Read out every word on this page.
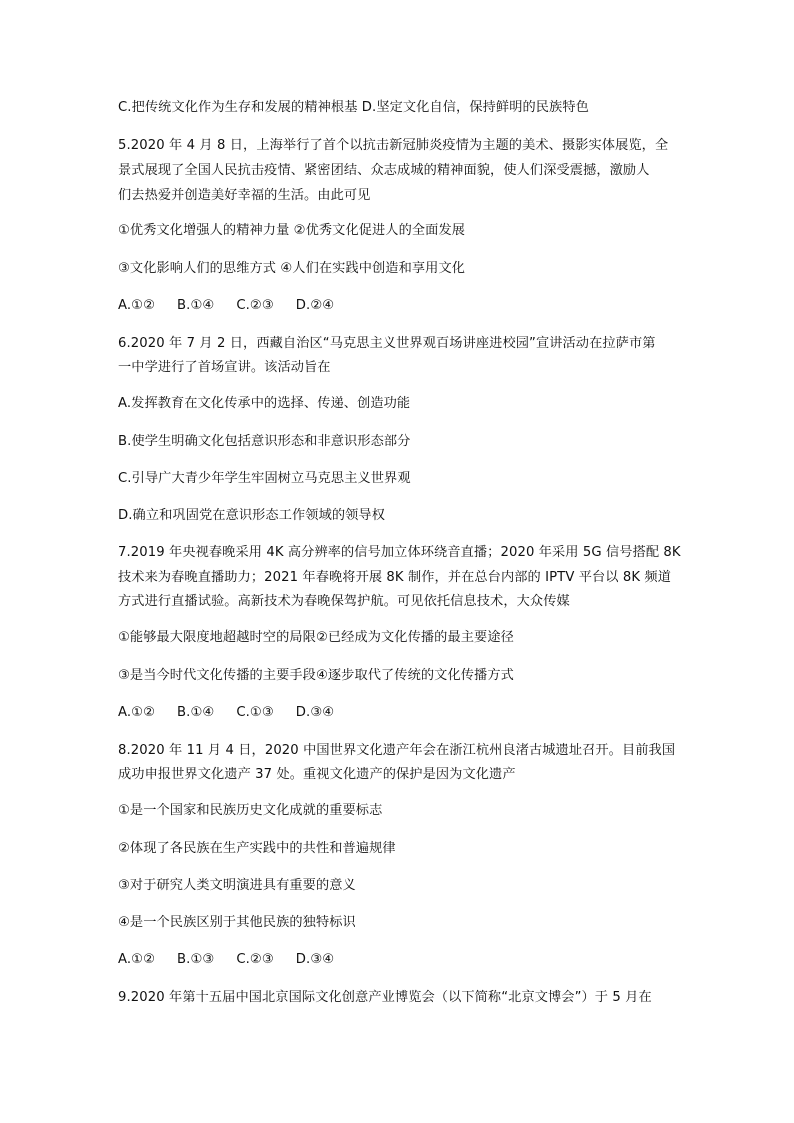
C.把传统文化作为生存和发展的精神根基 D.坚定文化自信，保持鲜明的民族特色
5.2020 年 4 月 8 日，上海举行了首个以抗击新冠肺炎疫情为主题的美术、摄影实体展览，全
景式展现了全国人民抗击疫情、紧密团结、众志成城的精神面貌，使人们深受震撼，激励人
们去热爱并创造美好幸福的生活。由此可见
①优秀文化增强人的精神力量 ②优秀文化促进人的全面发展
③文化影响人们的思维方式 ④人们在实践中创造和享用文化
A.①② B.①④ C.②③ D.②④
6.2020 年 7 月 2 日，西藏自治区“马克思主义世界观百场讲座进校园”宣讲活动在拉萨市第
一中学进行了首场宣讲。该活动旨在
A.发挥教育在文化传承中的选择、传递、创造功能
B.使学生明确文化包括意识形态和非意识形态部分
C.引导广大青少年学生牢固树立马克思主义世界观
D.确立和巩固党在意识形态工作领域的领导权
7.2019 年央视春晚采用 4K 高分辨率的信号加立体环绕音直播；2020 年采用 5G 信号搭配 8K
技术来为春晚直播助力；2021 年春晚将开展 8K 制作，并在总台内部的 IPTV 平台以 8K 频道
方式进行直播试验。高新技术为春晚保驾护航。可见依托信息技术，大众传媒
①能够最大限度地超越时空的局限②已经成为文化传播的最主要途径
③是当今时代文化传播的主要手段④逐步取代了传统的文化传播方式
A.①② B.①④ C.①③ D.③④
8.2020 年 11 月 4 日，2020 中国世界文化遗产年会在浙江杭州良渚古城遗址召开。目前我国
成功申报世界文化遗产 37 处。重视文化遗产的保护是因为文化遗产
①是一个国家和民族历史文化成就的重要标志
②体现了各民族在生产实践中的共性和普遍规律
③对于研究人类文明演进具有重要的意义
④是一个民族区别于其他民族的独特标识
A.①② B.①③ C.②③ D.③④
9.2020 年第十五届中国北京国际文化创意产业博览会（以下简称“北京文博会”）于 5 月在
